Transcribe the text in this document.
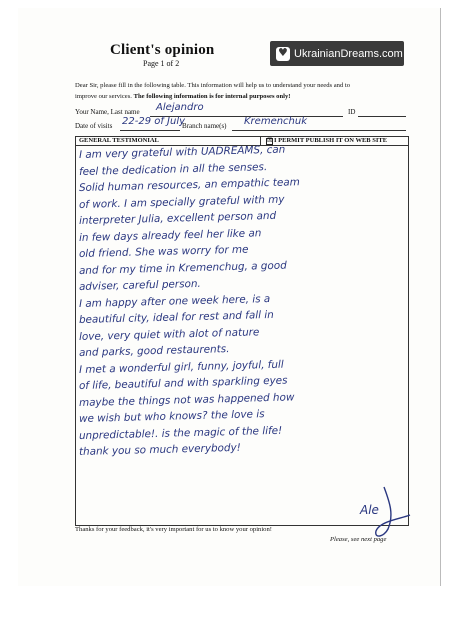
Client's opinion
Page 1 of 2
♥
UkrainianDreams.com
Dear Sir, please fill in the following table. This information will help us to understand your needs and to
improve our services. The following information is for internal purposes only!
Your Name, Last name Alejandro	ID
Date of visits 22-29 of July
Branch name(s) Kremenchuk
GENERAL TESTIMONIAL	☒ I PERMIT PUBLISH IT ON WEB SITE
I am very grateful with UADREAMS, can
feel the dedication in all the senses.
Solid human resources, an empathic team
of work. I am specially grateful with my
interpreter Julia, excellent person and
in few days already feel her like an
old friend. She was worry for me
and for my time in Kremenchug, a good
adviser, careful person.
I am happy after one week here, is a
beautiful city, ideal for rest and fall in
love, very quiet with alot of nature
and parks, good restaurents.
I met a wonderful girl, funny, joyful, full
of life, beautiful and with sparkling eyes
maybe the things not was happened how
we wish but who knows? the love is
unpredictable!. is the magic of the life!
thank you so much everybody!
Ale
Thanks for your feedback, it's very important for us to know your opinion!
Please, see next page
